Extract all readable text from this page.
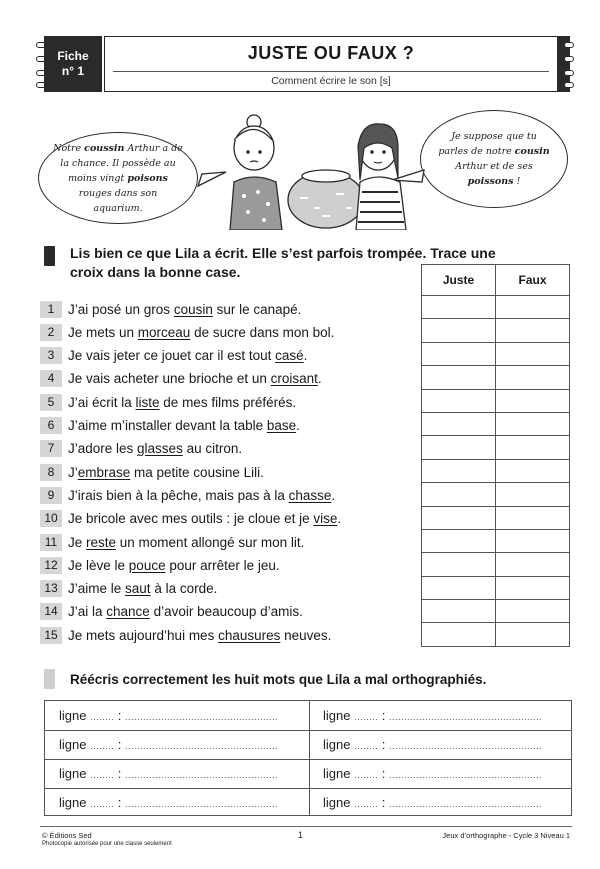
Fiche
n° 1
JUSTE OU FAUX ?
Comment écrire le son [s]
Notre coussin Arthur a de la chance. Il possède au moins vingt poisons rouges dans son aquarium.
Je suppose que tu parles de notre cousin Arthur et de ses poissons !
Lis bien ce que Lila a écrit. Elle s’est parfois trompée. Trace une croix dans la bonne case.	Juste	Faux

1	J’ai posé un gros cousin sur le canapé.
2	Je mets un morceau de sucre dans mon bol.
3	Je vais jeter ce jouet car il est tout casé.
4	Je vais acheter une brioche et un croisant.
5	J’ai écrit la liste de mes films préférés.
6	J’aime m’installer devant la table base.
7	J’adore les glasses au citron.
8	J’embrase ma petite cousine Lili.
9	J’irais bien à la pêche, mais pas à la chasse.
10 Je bricole avec mes outils : je cloue et je vise.
11 Je reste un moment allongé sur mon lit.
12 Je lève le pouce pour arrêter le jeu.
13 J’aime le saut à la corde.
14 J’ai la chance d’avoir beaucoup d’amis.
15 Je mets aujourd’hui mes chausures neuves.
Réécris correctement les huit mots que Lila a mal orthographiés.
ligne ........ : ...................................................	ligne ........ : ...................................................
ligne ........ : ...................................................	ligne ........ : ...................................................
ligne ........ : ...................................................	ligne ........ : ...................................................
ligne ........ : ...................................................	ligne ........ : ...................................................
© Éditions Sed
Photocopie autorisée pour une classe seulement
1	Jeux d’orthographe - Cycle 3 Niveau 1
